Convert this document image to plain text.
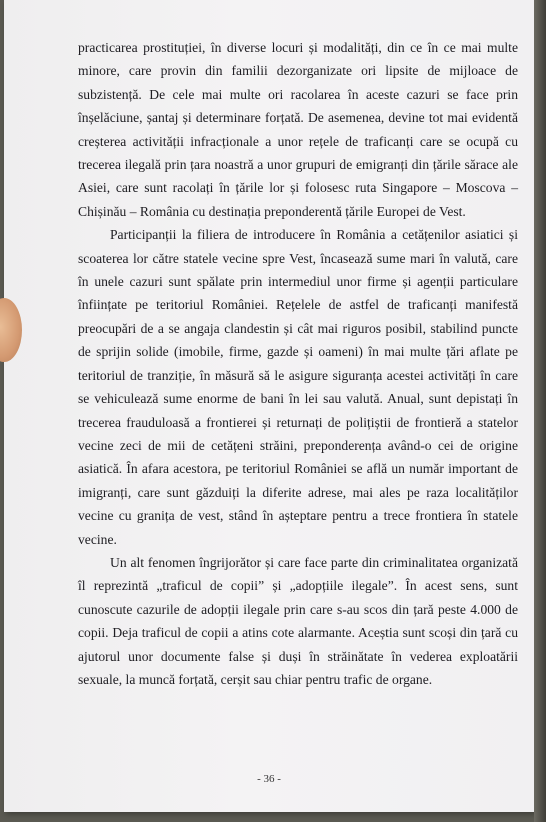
practicarea prostituției, în diverse locuri și modalități, din ce în ce mai multe minore, care provin din familii dezorganizate ori lipsite de mijloace de subzistență. De cele mai multe ori racolarea în aceste cazuri se face prin înșelăciune, șantaj și determinare forțată. De asemenea, devine tot mai evidentă creșterea activității infracționale a unor rețele de traficanți care se ocupă cu trecerea ilegală prin țara noastră a unor grupuri de emigranți din țările sărace ale Asiei, care sunt racolați în țările lor și folosesc ruta Singapore – Moscova – Chișinău – România cu destinația preponderentă țările Europei de Vest.

Participanții la filiera de introducere în România a cetățenilor asiatici și scoaterea lor către statele vecine spre Vest, încasează sume mari în valută, care în unele cazuri sunt spălate prin intermediul unor firme și agenții particulare înființate pe teritoriul României. Rețelele de astfel de traficanți manifestă preocupări de a se angaja clandestin și cât mai riguros posibil, stabilind puncte de sprijin solide (imobile, firme, gazde și oameni) în mai multe țări aflate pe teritoriul de tranziție, în măsură să le asigure siguranța acestei activități în care se vehiculează sume enorme de bani în lei sau valută. Anual, sunt depistați în trecerea frauduloasă a frontierei și returnați de polițiștii de frontieră a statelor vecine zeci de mii de cetățeni străini, preponderența având-o cei de origine asiatică. În afara acestora, pe teritoriul României se află un număr important de imigranți, care sunt găzduiți la diferite adrese, mai ales pe raza localităților vecine cu granița de vest, stând în așteptare pentru a trece frontiera în statele vecine.

Un alt fenomen îngrijorător și care face parte din criminalitatea organizată îl reprezintă „traficul de copii” și „adopțiile ilegale”. În acest sens, sunt cunoscute cazurile de adopții ilegale prin care s-au scos din țară peste 4.000 de copii. Deja traficul de copii a atins cote alarmante. Aceștia sunt scoși din țară cu ajutorul unor documente false și duși în străinătate în vederea exploatării sexuale, la muncă forțată, cerșit sau chiar pentru trafic de organe.

- 36 -
